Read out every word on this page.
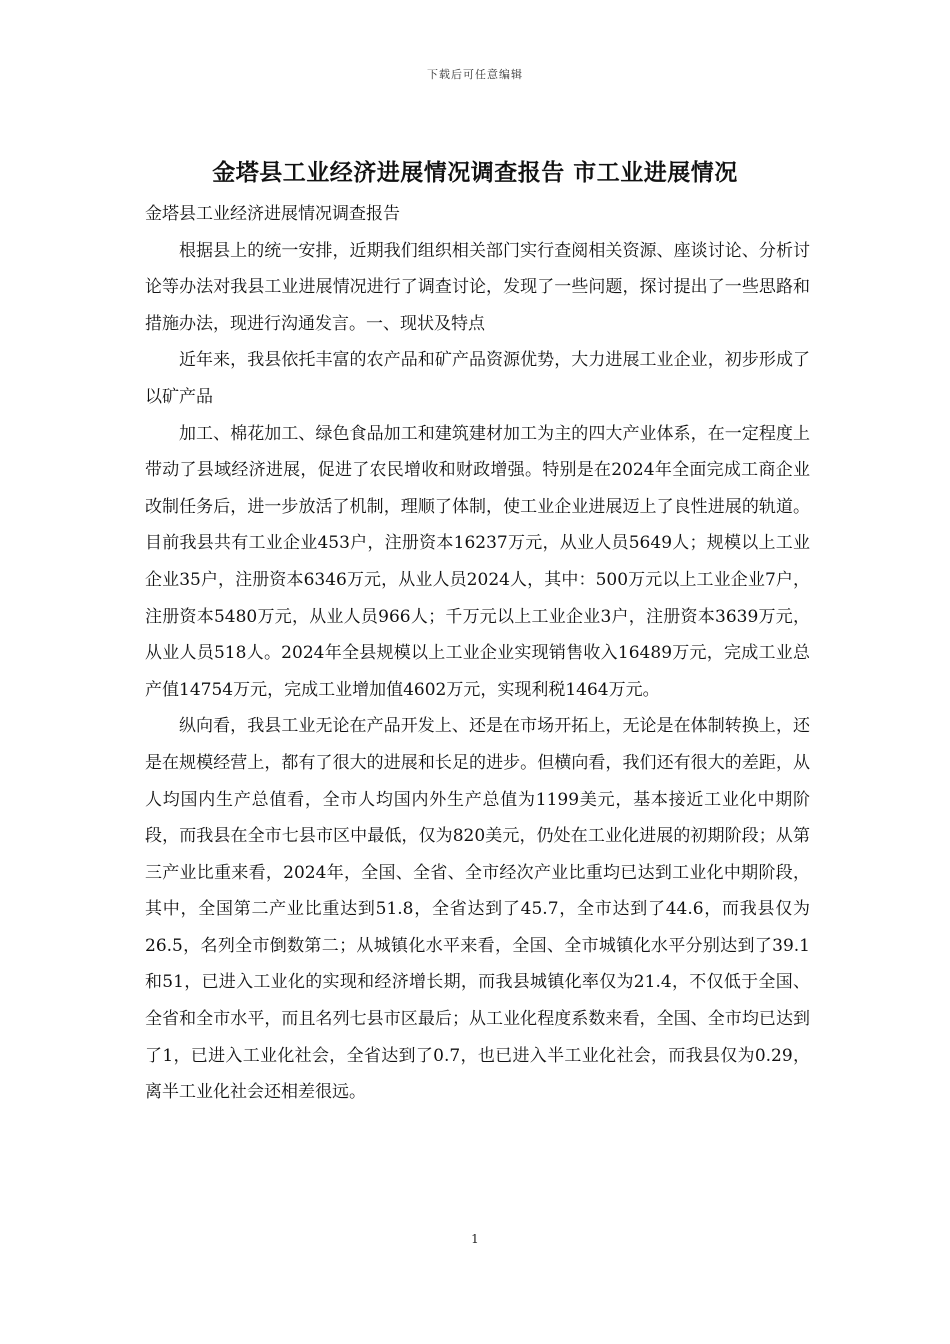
下载后可任意编辑
金塔县工业经济进展情况调查报告 市工业进展情况

金塔县工业经济进展情况调查报告

根据县上的统一安排，近期我们组织相关部门实行查阅相关资源、座谈讨论、分析讨论等办法对我县工业进展情况进行了调查讨论，发现了一些问题，探讨提出了一些思路和措施办法，现进行沟通发言。一、现状及特点

近年来，我县依托丰富的农产品和矿产品资源优势，大力进展工业企业，初步形成了以矿产品

加工、棉花加工、绿色食品加工和建筑建材加工为主的四大产业体系，在一定程度上带动了县域经济进展，促进了农民增收和财政增强。特别是在2024年全面完成工商企业改制任务后，进一步放活了机制，理顺了体制，使工业企业进展迈上了良性进展的轨道。目前我县共有工业企业453户，注册资本16237万元，从业人员5649人；规模以上工业企业35户，注册资本6346万元，从业人员2024人，其中：500万元以上工业企业7户，注册资本5480万元，从业人员966人；千万元以上工业企业3户，注册资本3639万元，从业人员518人。2024年全县规模以上工业企业实现销售收入16489万元，完成工业总产值14754万元，完成工业增加值4602万元，实现利税1464万元。

纵向看，我县工业无论在产品开发上、还是在市场开拓上，无论是在体制转换上，还是在规模经营上，都有了很大的进展和长足的进步。但横向看，我们还有很大的差距，从人均国内生产总值看，全市人均国内外生产总值为1199美元，基本接近工业化中期阶段，而我县在全市七县市区中最低，仅为820美元，仍处在工业化进展的初期阶段；从第三产业比重来看，2024年，全国、全省、全市经次产业比重均已达到工业化中期阶段，其中，全国第二产业比重达到51.8，全省达到了45.7，全市达到了44.6，而我县仅为26.5，名列全市倒数第二；从城镇化水平来看，全国、全市城镇化水平分别达到了39.1和51，已进入工业化的实现和经济增长期，而我县城镇化率仅为21.4，不仅低于全国、全省和全市水平，而且名列七县市区最后；从工业化程度系数来看，全国、全市均已达到了1，已进入工业化社会，全省达到了0.7，也已进入半工业化社会，而我县仅为0.29，离半工业化社会还相差很远。

1
